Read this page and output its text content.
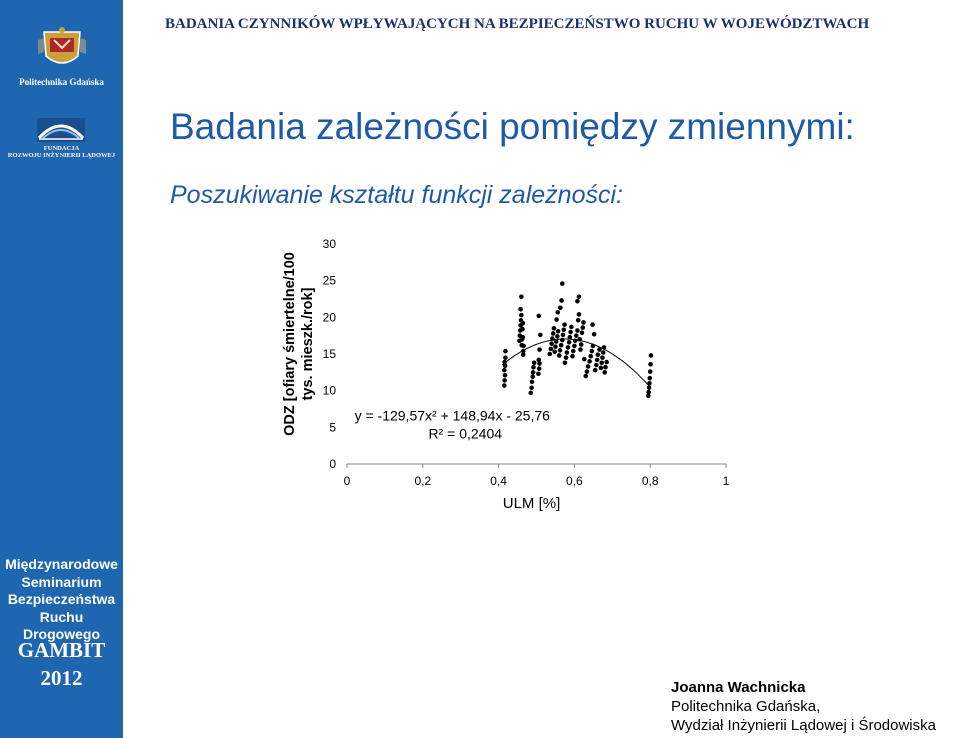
Politechnika Gdańska
FUNDACJA
ROZWOJU INŻYNIERII LĄDOWEJ
Międzynarodowe
Seminarium
Bezpieczeństwa
Ruchu Drogowego
GAMBIT
2012
BADANIA CZYNNIKÓW WPŁYWAJĄCYCH NA BEZPIECZEŃSTWO RUCHU W WOJEWÓDZTWACH
Badania zależności pomiędzy zmiennymi:
Poszukiwanie kształtu funkcji zależności:
0
5
10
15
20
25
30
0	0,2	0,4	0,6	0,8	1
ULM [%]
ODZ [ofiary śmiertelne/100 tys. mieszk./rok]
y = -129,57x² + 148,94x - 25,76
R² = 0,2404
Joanna Wachnicka
Politechnika Gdańska,
Wydział Inżynierii Lądowej i Środowiska
